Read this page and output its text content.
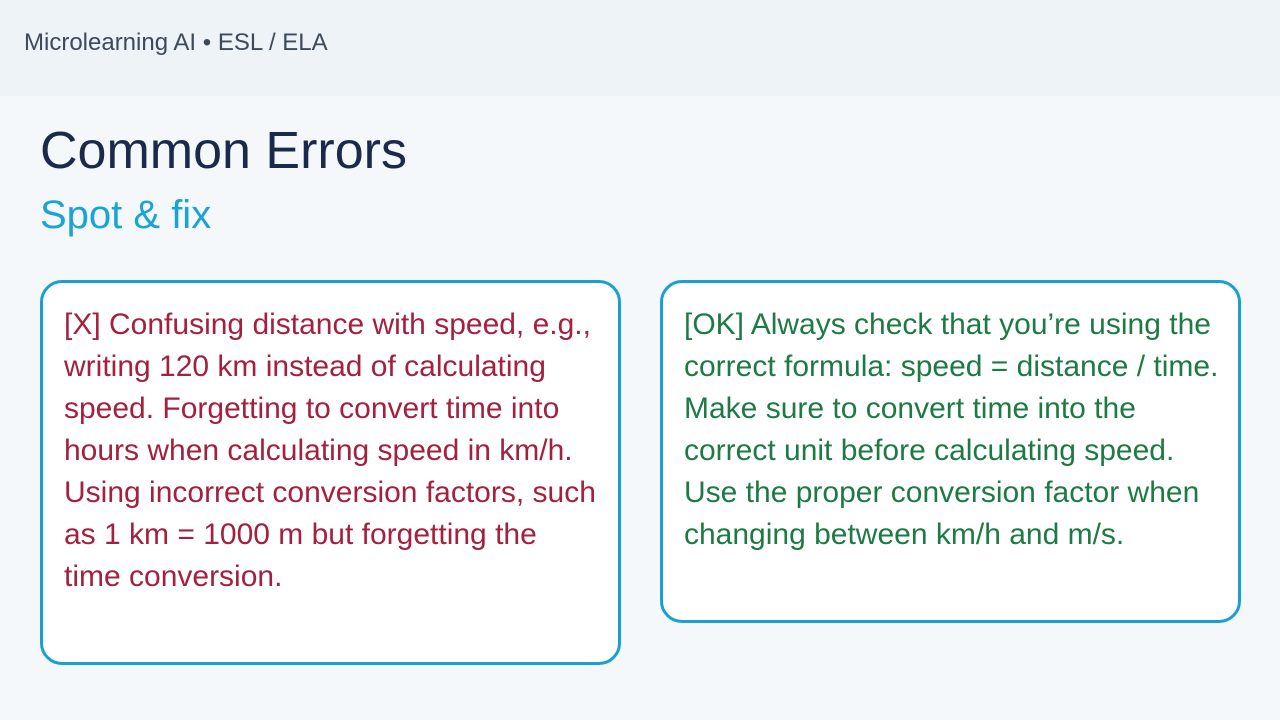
Microlearning AI • ESL / ELA
Common Errors
Spot & fix

[X] Confusing distance with speed, e.g., writing 120 km instead of calculating speed. Forgetting to convert time into hours when calculating speed in km/h. Using incorrect conversion factors, such as 1 km = 1000 m but forgetting the time conversion.

[OK] Always check that you’re using the correct formula: speed = distance / time. Make sure to convert time into the correct unit before calculating speed. Use the proper conversion factor when changing between km/h and m/s.
